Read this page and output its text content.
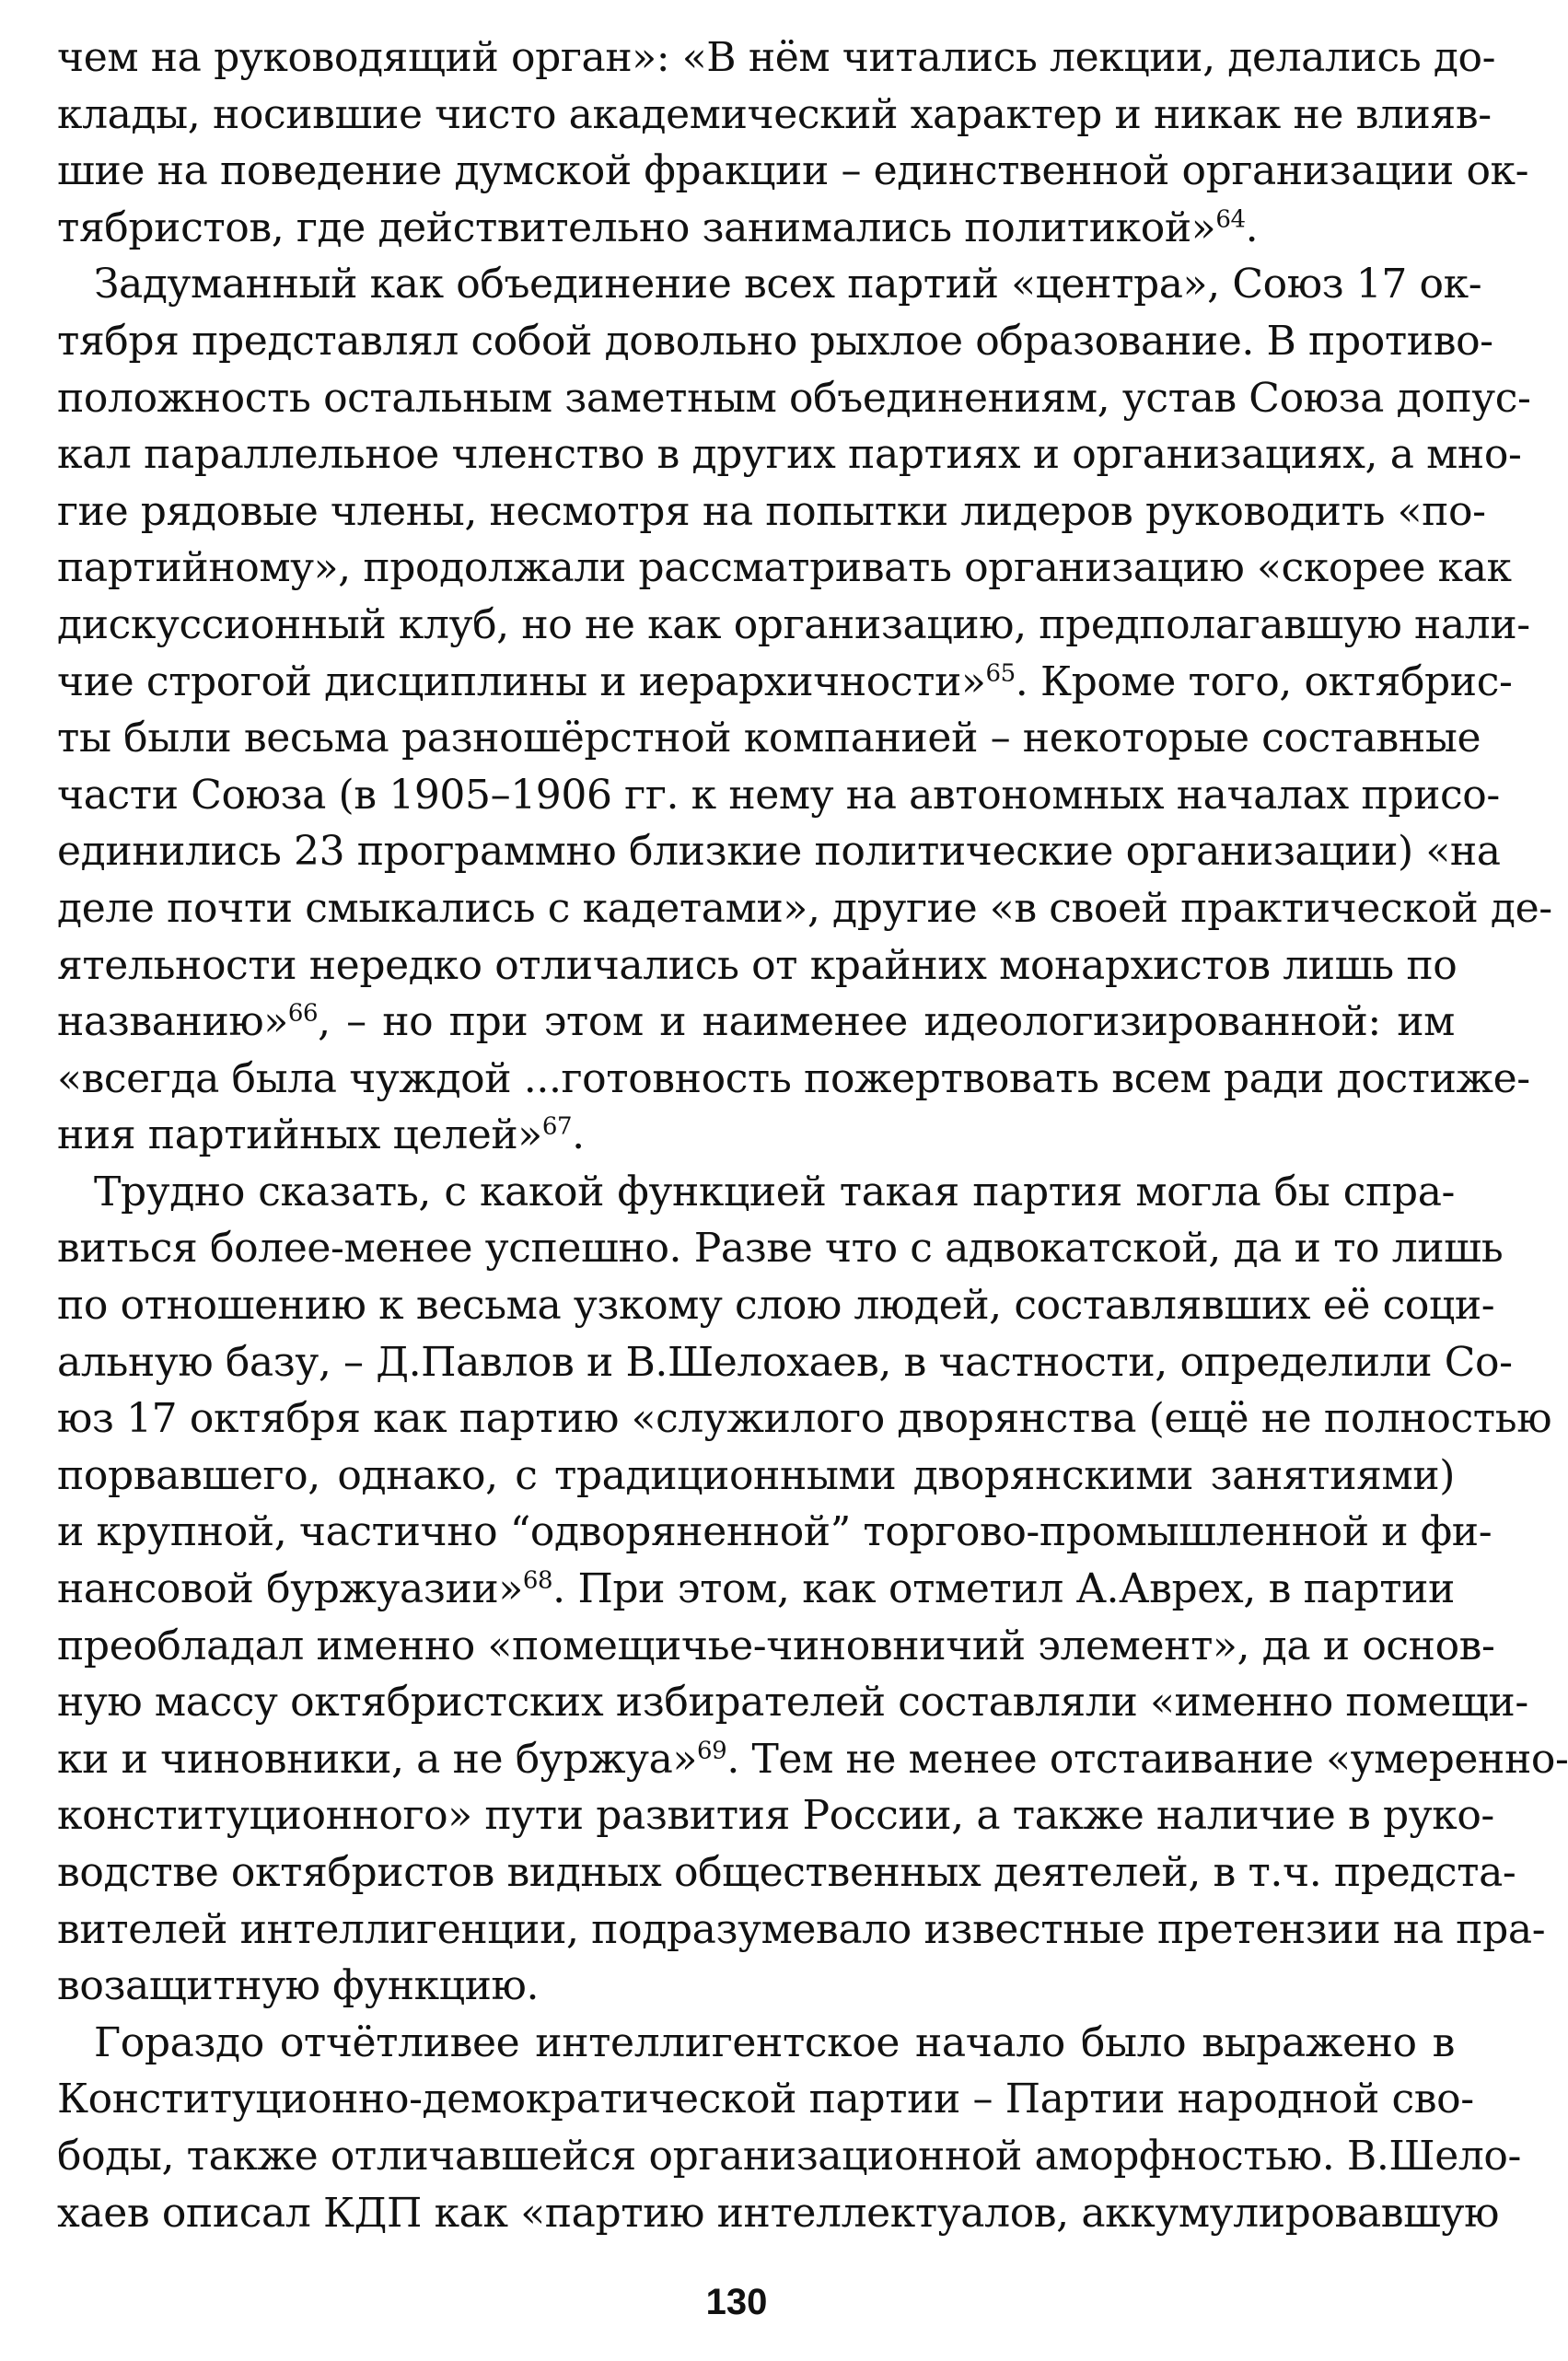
чем на руководящий орган»: «В нём читались лекции, делались до-
клады, носившие чисто академический характер и никак не влияв-
шие на поведение думской фракции – единственной организации ок-
тябристов, где действительно занимались политикой»$^{64}$.
Задуманный как объединение всех партий «центра», Союз 17 ок-
тября представлял собой довольно рыхлое образование. В противо-
положность остальным заметным объединениям, устав Союза допус-
кал параллельное членство в других партиях и организациях, а мно-
гие рядовые члены, несмотря на попытки лидеров руководить «по-
партийному», продолжали рассматривать организацию «скорее как
дискуссионный клуб, но не как организацию, предполагавшую нали-
чие строгой дисциплины и иерархичности»$^{65}$. Кроме того, октябрис-
ты были весьма разношёрстной компанией – некоторые составные
части Союза (в 1905–1906 гг. к нему на автономных началах присо-
единились 23 программно близкие политические организации) «на
деле почти смыкались с кадетами», другие «в своей практической де-
ятельности нередко отличались от крайних монархистов лишь по
названию»$^{66}$, – но при этом и наименее идеологизированной: им
«всегда была чуждой ...готовность пожертвовать всем ради достиже-
ния партийных целей»$^{67}$.
Трудно сказать, с какой функцией такая партия могла бы спра-
виться более-менее успешно. Разве что с адвокатской, да и то лишь
по отношению к весьма узкому слою людей, составлявших её соци-
альную базу, – Д.Павлов и В.Шелохаев, в частности, определили Со-
юз 17 октября как партию «служилого дворянства (ещё не полностью
порвавшего, однако, с традиционными дворянскими занятиями)
и крупной, частично “одворяненной” торгово-промышленной и фи-
нансовой буржуазии»$^{68}$. При этом, как отметил А.Аврех, в партии
преобладал именно «помещичье-чиновничий элемент», да и основ-
ную массу октябристских избирателей составляли «именно помещи-
ки и чиновники, а не буржуа»$^{69}$. Тем не менее отстаивание «умеренно-
конституционного» пути развития России, а также наличие в руко-
водстве октябристов видных общественных деятелей, в т.ч. предста-
вителей интеллигенции, подразумевало известные претензии на пра-
возащитную функцию.
Гораздо отчётливее интеллигентское начало было выражено в
Конституционно-демократической партии – Партии народной сво-
боды, также отличавшейся организационной аморфностью. В.Шело-
хаев описал КДП как «партию интеллектуалов, аккумулировавшую
130
